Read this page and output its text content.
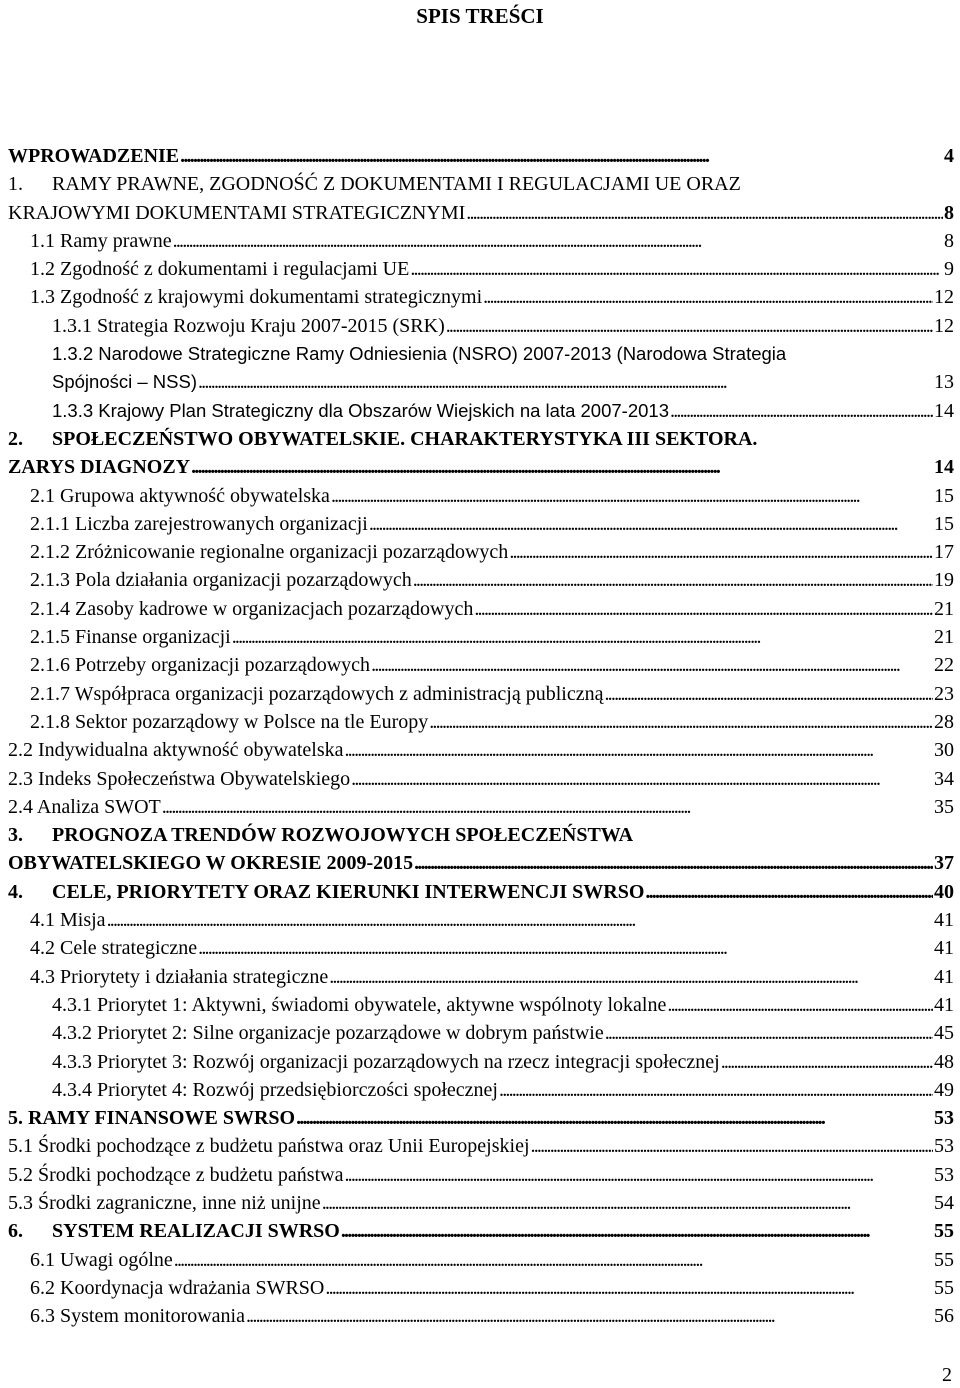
SPIS TREŚCI
WPROWADZENIE . . .	4
1. RAMY PRAWNE, ZGODNOŚĆ Z DOKUMENTAMI I REGULACJAMI UE ORAZ
KRAJOWYMI DOKUMENTAMI STRATEGICZNYMI . . .	8
1.1 Ramy prawne . . .	8
1.2 Zgodność z dokumentami i regulacjami UE . . .	9
1.3 Zgodność z krajowymi dokumentami strategicznymi . . .	12
1.3.1 Strategia Rozwoju Kraju 2007-2015 (SRK) . . .	12
1.3.2 Narodowe Strategiczne Ramy Odniesienia (NSRO) 2007-2013 (Narodowa Strategia
Spójności – NSS) . . .	13
1.3.3 Krajowy Plan Strategiczny dla Obszarów Wiejskich na lata 2007-2013 . . .	14
2. SPOŁECZEŃSTWO OBYWATELSKIE. CHARAKTERYSTYKA III SEKTORA.
ZARYS DIAGNOZY . . .	14
2.1 Grupowa aktywność obywatelska . . .	15
2.1.1 Liczba zarejestrowanych organizacji . . .	15
2.1.2 Zróżnicowanie regionalne organizacji pozarządowych . . .	17
2.1.3 Pola działania organizacji pozarządowych . . .	19
2.1.4 Zasoby kadrowe w organizacjach pozarządowych . . .	21
2.1.5 Finanse organizacji . . .	21
2.1.6 Potrzeby organizacji pozarządowych . . .	22
2.1.7 Współpraca organizacji pozarządowych z administracją publiczną . . .	23
2.1.8 Sektor pozarządowy w Polsce na tle Europy . . .	28
2.2 Indywidualna aktywność obywatelska . . .	30
2.3 Indeks Społeczeństwa Obywatelskiego . . .	34
2.4 Analiza SWOT . . .	35
3. PROGNOZA TRENDÓW ROZWOJOWYCH SPOŁECZEŃSTWA
OBYWATELSKIEGO W OKRESIE 2009-2015 . . .	37
4. CELE, PRIORYTETY ORAZ KIERUNKI INTERWENCJI SWRSO . . .	40
4.1 Misja . . .	41
4.2 Cele strategiczne . . .	41
4.3 Priorytety i działania strategiczne . . .	41
4.3.1 Priorytet 1: Aktywni, świadomi obywatele, aktywne wspólnoty lokalne . . .	41
4.3.2 Priorytet 2: Silne organizacje pozarządowe w dobrym państwie . . .	45
4.3.3 Priorytet 3: Rozwój organizacji pozarządowych na rzecz integracji społecznej . . .	48
4.3.4 Priorytet 4: Rozwój przedsiębiorczości społecznej . . .	49
5. RAMY FINANSOWE SWRSO . . .	53
5.1 Środki pochodzące z budżetu państwa oraz Unii Europejskiej . . .	53
5.2 Środki pochodzące z budżetu państwa . . .	53
5.3 Środki zagraniczne, inne niż unijne . . .	54
6. SYSTEM REALIZACJI SWRSO . . .	55
6.1 Uwagi ogólne . . .	55
6.2 Koordynacja wdrażania SWRSO . . .	55
6.3 System monitorowania . . .	56
2
